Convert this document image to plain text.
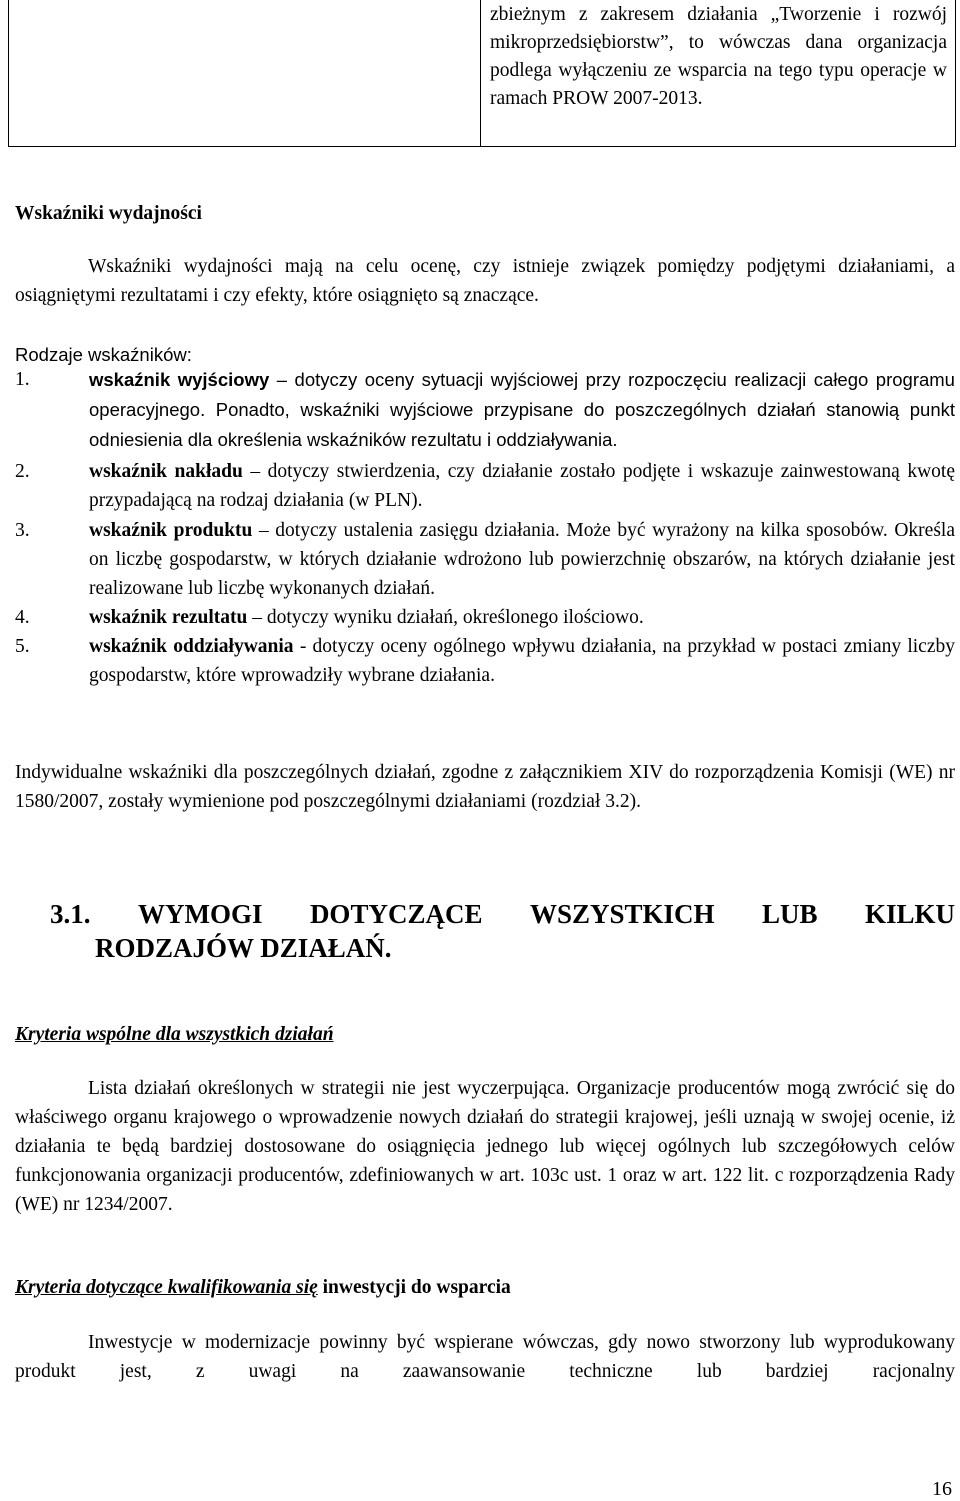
zbieżnym z zakresem działania „Tworzenie i rozwój mikroprzedsiębiorstw”, to wówczas dana organizacja podlega wyłączeniu ze wsparcia na tego typu operacje w ramach PROW 2007-2013.
Wskaźniki wydajności

Wskaźniki wydajności mają na celu ocenę, czy istnieje związek pomiędzy podjętymi działaniami, a osiągniętymi rezultatami i czy efekty, które osiągnięto są znaczące.

Rodzaje wskaźników:
1.	wskaźnik wyjściowy – dotyczy oceny sytuacji wyjściowej przy rozpoczęciu realizacji całego programu operacyjnego. Ponadto, wskaźniki wyjściowe przypisane do poszczególnych działań stanowią punkt odniesienia dla określenia wskaźników rezultatu i oddziaływania.
2.	wskaźnik nakładu – dotyczy stwierdzenia, czy działanie zostało podjęte i wskazuje zainwestowaną kwotę przypadającą na rodzaj działania (w PLN).
3.	wskaźnik produktu – dotyczy ustalenia zasięgu działania. Może być wyrażony na kilka sposobów. Określa on liczbę gospodarstw, w których działanie wdrożono lub powierzchnię obszarów, na których działanie jest realizowane lub liczbę wykonanych działań.
4.	wskaźnik rezultatu – dotyczy wyniku działań, określonego ilościowo.
5.	wskaźnik oddziaływania - dotyczy oceny ogólnego wpływu działania, na przykład w postaci zmiany liczby gospodarstw, które wprowadziły wybrane działania.

Indywidualne wskaźniki dla poszczególnych działań, zgodne z załącznikiem XIV do rozporządzenia Komisji (WE) nr 1580/2007, zostały wymienione pod poszczególnymi działaniami (rozdział 3.2).

3.1. WYMOGI DOTYCZĄCE WSZYSTKICH LUB KILKU
RODZAJÓW DZIAŁAŃ.
Kryteria wspólne dla wszystkich działań

Lista działań określonych w strategii nie jest wyczerpująca. Organizacje producentów mogą zwrócić się do właściwego organu krajowego o wprowadzenie nowych działań do strategii krajowej, jeśli uznają w swojej ocenie, iż działania te będą bardziej dostosowane do osiągnięcia jednego lub więcej ogólnych lub szczegółowych celów funkcjonowania organizacji producentów, zdefiniowanych w art. 103c ust. 1 oraz w art. 122 lit. c rozporządzenia Rady (WE) nr 1234/2007.

Kryteria dotyczące kwalifikowania się inwestycji do wsparcia

Inwestycje w modernizacje powinny być wspierane wówczas, gdy nowo stworzony lub wyprodukowany produkt jest, z uwagi na zaawansowanie techniczne lub bardziej racjonalny

16
